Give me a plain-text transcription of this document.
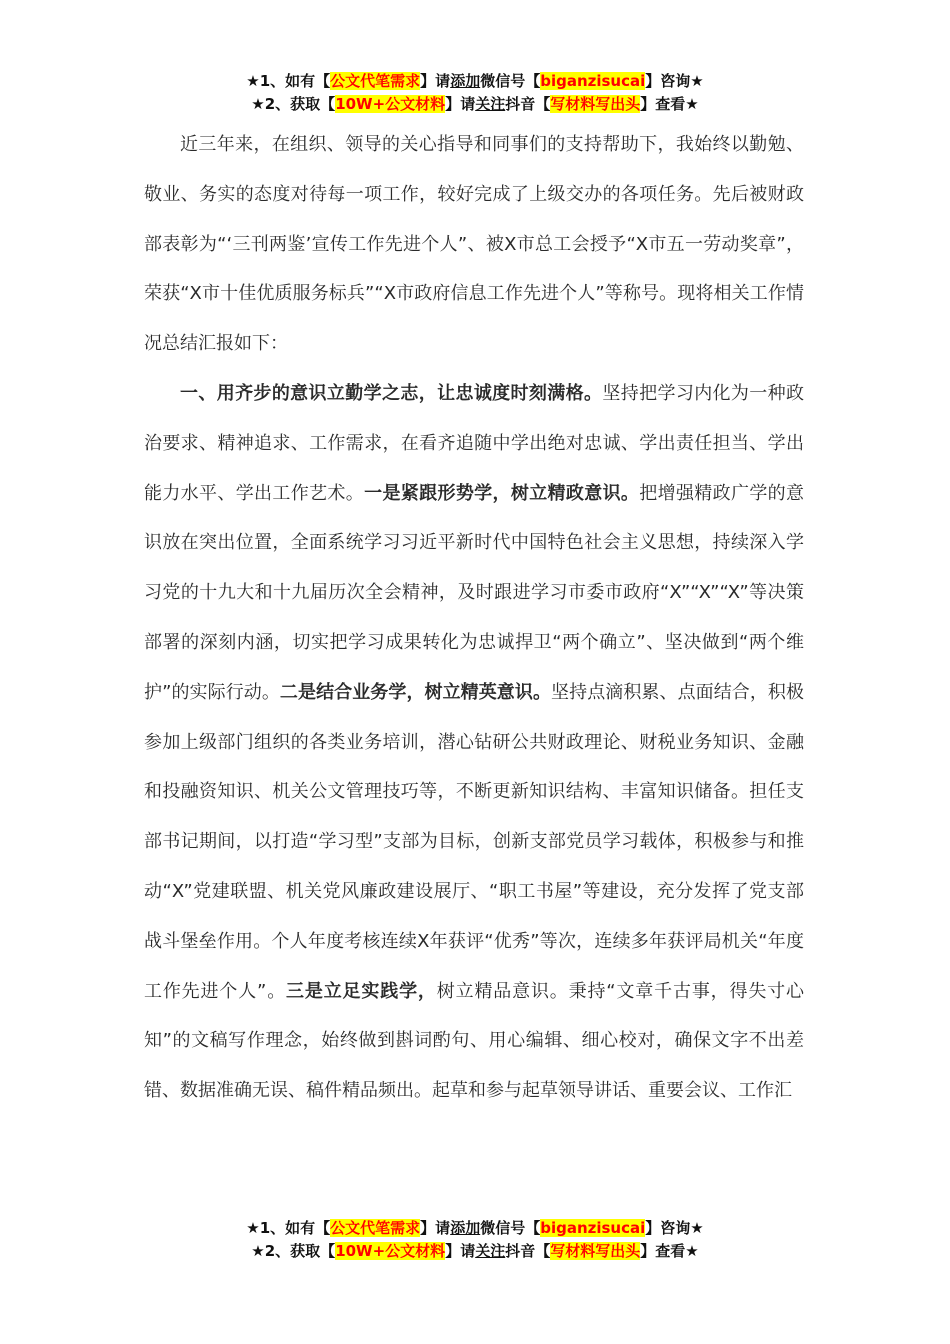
★1、如有【公文代笔需求】请添加微信号【biganzisucai】咨询★
★2、获取【10W+公文材料】请关注抖音【写材料写出头】查看★

近三年来，在组织、领导的关心指导和同事们的支持帮助下，我始终以勤勉、敬业、务实的态度对待每一项工作，较好完成了上级交办的各项任务。先后被财政部表彰为“‘三刊两鉴’宣传工作先进个人”、被X市总工会授予“X市五一劳动奖章”，荣获“X市十佳优质服务标兵”“X市政府信息工作先进个人”等称号。现将相关工作情况总结汇报如下：

一、用齐步的意识立勤学之志，让忠诚度时刻满格。坚持把学习内化为一种政治要求、精神追求、工作需求，在看齐追随中学出绝对忠诚、学出责任担当、学出能力水平、学出工作艺术。一是紧跟形势学，树立精政意识。把增强精政广学的意识放在突出位置，全面系统学习习近平新时代中国特色社会主义思想，持续深入学习党的十九大和十九届历次全会精神，及时跟进学习市委市政府“X”“X”“X”等决策部署的深刻内涵，切实把学习成果转化为忠诚捍卫“两个确立”、坚决做到“两个维护”的实际行动。二是结合业务学，树立精英意识。坚持点滴积累、点面结合，积极参加上级部门组织的各类业务培训，潜心钻研公共财政理论、财税业务知识、金融和投融资知识、机关公文管理技巧等，不断更新知识结构、丰富知识储备。担任支部书记期间，以打造“学习型”支部为目标，创新支部党员学习载体，积极参与和推动“X”党建联盟、机关党风廉政建设展厅、“职工书屋”等建设，充分发挥了党支部战斗堡垒作用。个人年度考核连续X年获评“优秀”等次，连续多年获评局机关“年度工作先进个人”。三是立足实践学，树立精品意识。秉持“文章千古事，得失寸心知”的文稿写作理念，始终做到斟词酌句、用心编辑、细心校对，确保文字不出差错、数据准确无误、稿件精品频出。起草和参与起草领导讲话、重要会议、工作汇

★1、如有【公文代笔需求】请添加微信号【biganzisucai】咨询★
★2、获取【10W+公文材料】请关注抖音【写材料写出头】查看★
